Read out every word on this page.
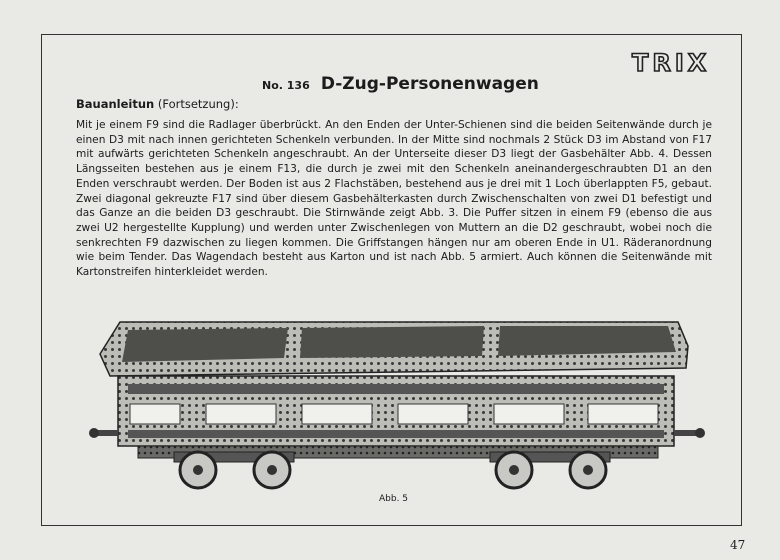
TRIX
No. 136 D-Zug-Personenwagen
Bauanleitun (Fortsetzung):
Mit je einem F9 sind die Radlager überbrückt. An den Enden der Unter-Schienen sind die beiden Seitenwände durch je einen D3 mit nach innen gerichteten Schenkeln verbunden. In der Mitte sind nochmals 2 Stück D3 im Abstand von F17 mit aufwärts gerichteten Schenkeln angeschraubt. An der Unterseite dieser D3 liegt der Gasbehälter Abb. 4. Dessen Längsseiten bestehen aus je einem F13, die durch je zwei mit den Schenkeln aneinandergeschraubten D1 an den Enden verschraubt werden. Der Boden ist aus 2 Flachstäben, bestehend aus je drei mit 1 Loch überlappten F5, gebaut. Zwei diagonal gekreuzte F17 sind über diesem Gasbehälterkasten durch Zwischenschalten von zwei D1 befestigt und das Ganze an die beiden D3 geschraubt. Die Stirnwände zeigt Abb. 3. Die Puffer sitzen in einem F9 (ebenso die aus zwei U2 hergestellte Kupplung) und werden unter Zwischenlegen von Muttern an die D2 geschraubt, wobei noch die senkrechten F9 dazwischen zu liegen kommen. Die Griffstangen hängen nur am oberen Ende in U1. Räderanordnung wie beim Tender. Das Wagendach besteht aus Karton und ist nach Abb. 5 armiert. Auch können die Seitenwände mit Kartonstreifen hinterkleidet werden.
Abb. 5
47
